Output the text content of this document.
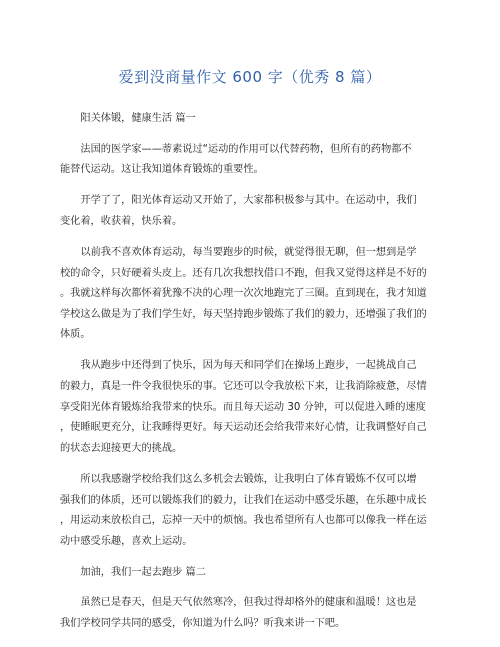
爱到没商量作文 600 字（优秀 8 篇）
阳关体锻，健康生活 篇一
法国的医学家——蒂素说过“运动的作用可以代替药物，但所有的药物都不
能替代运动。这让我知道体育锻炼的重要性。
开学了了，阳光体育运动又开始了，大家都积极参与其中。在运动中，我们
变化着，收获着，快乐着。
以前我不喜欢体育运动，每当要跑步的时候，就觉得很无聊，但一想到是学
校的命令，只好硬着头皮上。还有几次我想找借口不跑，但我又觉得这样是不好的
。我就这样每次都怀着犹豫不决的心理一次次地跑完了三圈。直到现在，我才知道
学校这么做是为了我们学生好，每天坚持跑步锻炼了我们的毅力，还增强了我们的
体质。
我从跑步中还得到了快乐，因为每天和同学们在操场上跑步，一起挑战自己
的毅力，真是一件令我很快乐的事。它还可以令我放松下来，让我消除疲惫，尽情
享受阳光体育锻炼给我带来的快乐。而且每天运动 30 分钟，可以促进入睡的速度
，使睡眠更充分，让我睡得更好。每天运动还会给我带来好心情，让我调整好自己
的状态去迎接更大的挑战。
所以我感谢学校给我们这么多机会去锻炼，让我明白了体育锻炼不仅可以增
强我们的体质，还可以锻炼我们的毅力，让我们在运动中感受乐趣，在乐趣中成长
，用运动来放松自己，忘掉一天中的烦恼。我也希望所有人也都可以像我一样在运
动中感受乐趣，喜欢上运动。
加油，我们一起去跑步 篇二
虽然已是春天，但是天气依然寒冷，但我过得却格外的健康和温暖！这也是
我们学校同学共同的感受，你知道为什么吗？听我来讲一下吧。
